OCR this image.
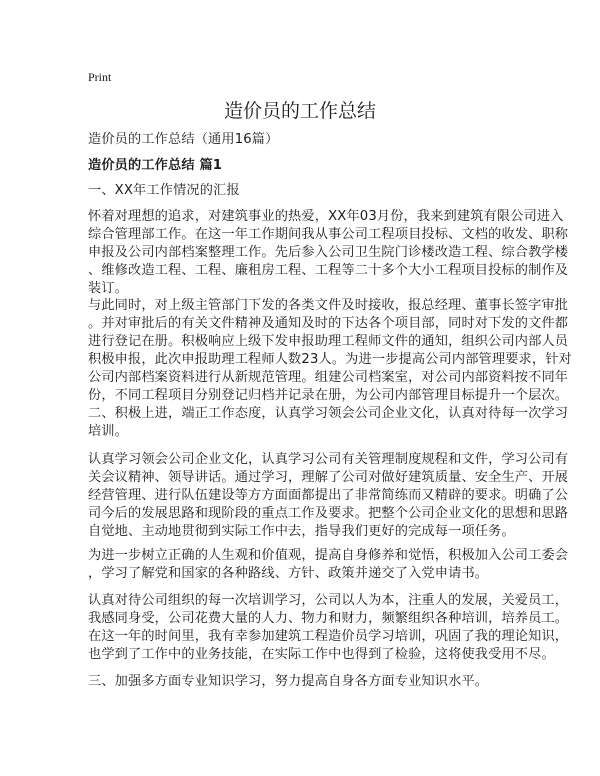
Print
造价员的工作总结
造价员的工作总结（通用16篇）
造价员的工作总结 篇1
一、XX年工作情况的汇报
怀着对理想的追求，对建筑事业的热爱，XX年03月份，我来到建筑有限公司进入
综合管理部工作。在这一年工作期间我从事公司工程项目投标、文档的收发、职称
申报及公司内部档案整理工作。先后参入公司卫生院门诊楼改造工程、综合教学楼
、维修改造工程、工程、廉租房工程、工程等二十多个大小工程项目投标的制作及
装订。
与此同时，对上级主管部门下发的各类文件及时接收，报总经理、董事长签字审批
。并对审批后的有关文件精神及通知及时的下达各个项目部，同时对下发的文件都
进行登记在册。积极响应上级下发申报助理工程师文件的通知，组织公司内部人员
积极申报，此次申报助理工程师人数23人。为进一步提高公司内部管理要求，针对
公司内部档案资料进行从新规范管理。组建公司档案室，对公司内部资料按不同年
份，不同工程项目分别登记归档并记录在册，为公司内部管理目标提升一个层次。
二、积极上进，端正工作态度，认真学习领会公司企业文化，认真对待每一次学习
培训。
认真学习领会公司企业文化，认真学习公司有关管理制度规程和文件，学习公司有
关会议精神、领导讲话。通过学习，理解了公司对做好建筑质量、安全生产、开展
经营管理、进行队伍建设等方方面面都提出了非常简练而又精辟的要求。明确了公
司今后的发展思路和现阶段的重点工作及要求。把整个公司企业文化的思想和思路
自觉地、主动地贯彻到实际工作中去，指导我们更好的完成每一项任务。
为进一步树立正确的人生观和价值观，提高自身修养和觉悟，积极加入公司工委会
，学习了解党和国家的各种路线、方针、政策并递交了入党申请书。
认真对待公司组织的每一次培训学习，公司以人为本，注重人的发展，关爱员工，
我感同身受，公司花费大量的人力、物力和财力，频繁组织各种培训，培养员工。
在这一年的时间里，我有幸参加建筑工程造价员学习培训，巩固了我的理论知识，
也学到了工作中的业务技能，在实际工作中也得到了检验，这将使我受用不尽。
三、加强多方面专业知识学习，努力提高自身各方面专业知识水平。
